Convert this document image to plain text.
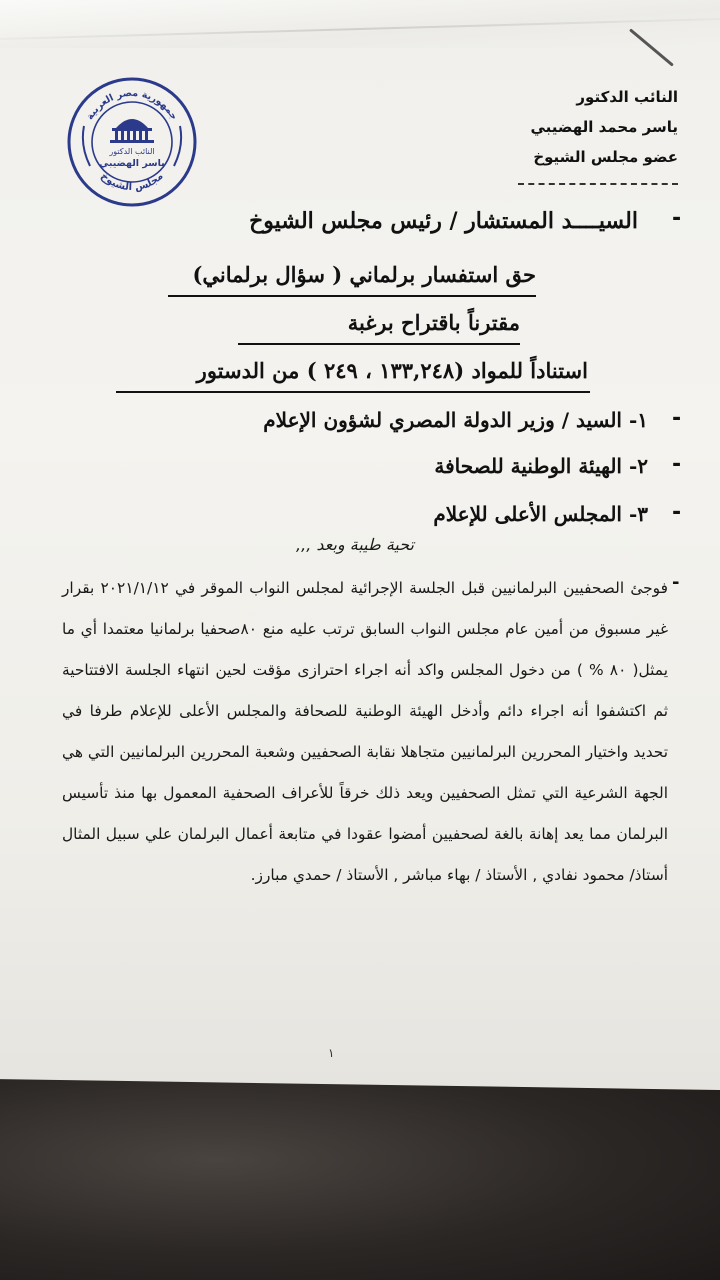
جمهورية مصر العربية
مجلس الشيوخ
النائب الدكتور
ياسر الهضيبي
النائب الدكتور
ياسر محمد الهضيبي
عضو مجلس الشيوخ
-
السيــــد المستشار / رئيس مجلس الشيوخ
حق استفسار برلماني ( سؤال برلماني)
مقترناً باقتراح برغبة
استناداً للمواد (١٣٣,٢٤٨ ، ٢٤٩ ) من الدستور
-
١- السيد / وزير الدولة المصري لشؤون الإعلام
-
٢- الهيئة الوطنية للصحافة
-
٣- المجلس الأعلى للإعلام
تحية طيبة وبعد ,,,
-
فوجئ الصحفيين البرلمانيين قبل الجلسة الإجرائية لمجلس النواب الموقر في ٢٠٢١/١/١٢ بقرار غير مسبوق من أمين عام مجلس النواب السابق ترتب عليه منع ٨٠صحفيا برلمانيا معتمدا أي ما يمثل( ٨٠ % ) من دخول المجلس واكد أنه اجراء احترازى مؤقت لحين انتهاء الجلسة الافتتاحية ثم اكتشفوا أنه اجراء دائم وأدخل الهيئة الوطنية للصحافة والمجلس الأعلى للإعلام طرفا في تحديد واختيار المحررين البرلمانيين متجاهلا نقابة الصحفيين وشعبة المحررين البرلمانيين التي هي الجهة الشرعية التي تمثل الصحفيين ويعد ذلك خرقاً للأعراف الصحفية المعمول بها منذ تأسيس البرلمان مما يعد إهانة بالغة لصحفيين أمضوا عقودا في متابعة أعمال البرلمان علي سبيل المثال أستاذ/ محمود نفادي , الأستاذ / بهاء مباشر , الأستاذ / حمدي مبارز.
١
